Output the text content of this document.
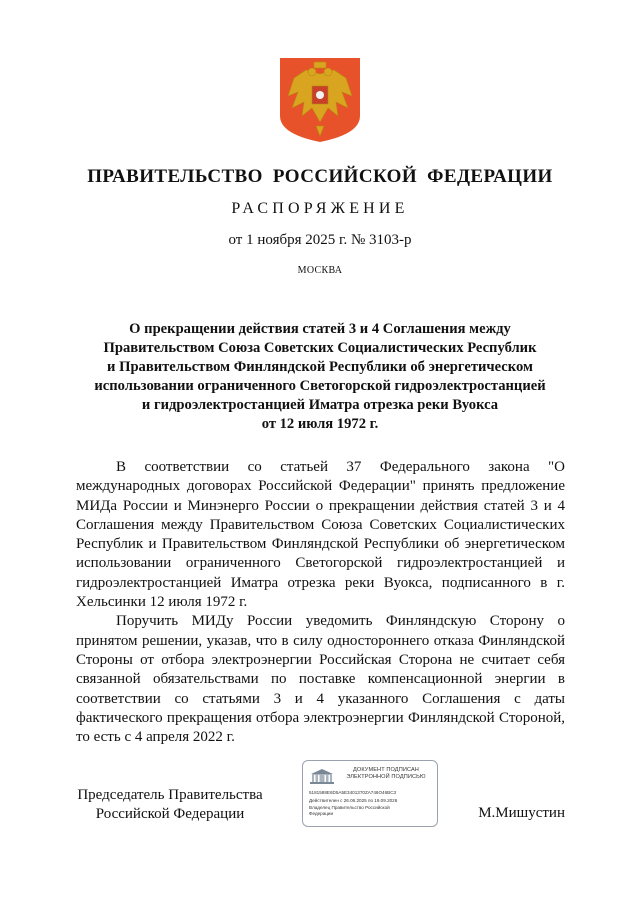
ПРАВИТЕЛЬСТВО РОССИЙСКОЙ ФЕДЕРАЦИИ
РАСПОРЯЖЕНИЕ
от 1 ноября 2025 г. № 3103-р
МОСКВА
О прекращении действия статей 3 и 4 Соглашения между
Правительством Союза Советских Социалистических Республик
и Правительством Финляндской Республики об энергетическом
использовании ограниченного Светогорской гидроэлектростанцией
и гидроэлектростанцией Иматра отрезка реки Вуокса
от 12 июля 1972 г.

В соответствии со статьей 37 Федерального закона "О международных договорах Российской Федерации" принять предложение МИДа России и Минэнерго России о прекращении действия статей 3 и 4 Соглашения между Правительством Союза Советских Социалистических Республик и Правительством Финляндской Республики об энергетическом использовании ограниченного Светогорской гидроэлектростанцией и гидроэлектростанцией Иматра отрезка реки Вуокса, подписанного в г. Хельсинки 12 июля 1972 г.

Поручить МИДу России уведомить Финляндскую Сторону о принятом решении, указав, что в силу одностороннего отказа Финляндской Стороны от отбора электроэнергии Российская Сторона не считает себя связанной обязательствами по поставке компенсационной энергии в соответствии со статьями 3 и 4 указанного Соглашения с даты фактического прекращения отбора электроэнергии Финляндской Стороной, то есть с 4 апреля 2022 г.

Председатель Правительства
Российской Федерации
ДОКУМЕНТ ПОДПИСАН
ЭЛЕКТРОННОЙ ПОДПИСЬЮ
5181588E6D5A5E3401370ZA746O46BC3
Действителен с 26.06.2025 по 19.09.2026
Владелец Правительство Российской
Федерации	М.Мишустин
